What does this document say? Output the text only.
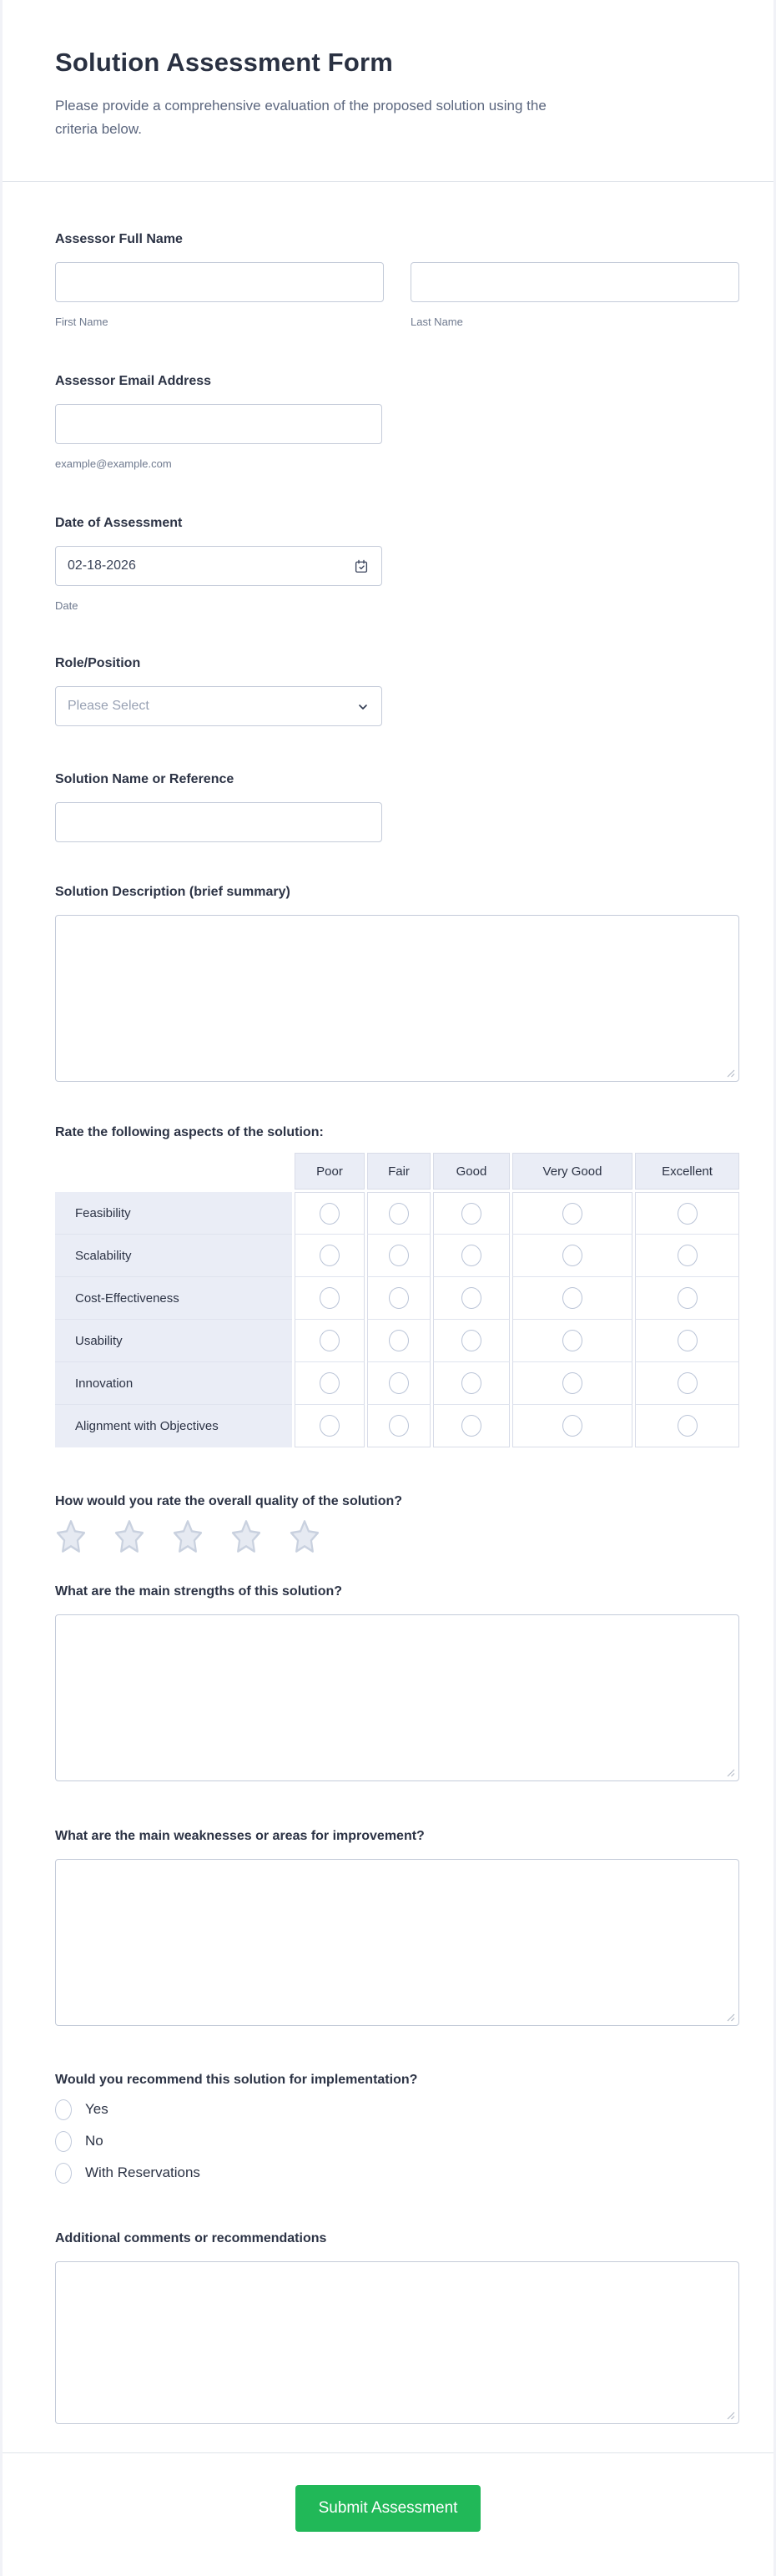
Solution Assessment Form
Please provide a comprehensive evaluation of the proposed solution using the criteria below.
Assessor Full Name
First Name	Last Name
Assessor Email Address
example@example.com
Date of Assessment
02-18-2026
Date
Role/Position
Please Select
Solution Name or Reference
Solution Description (brief summary)
Rate the following aspects of the solution:
Poor	Fair	Good	Very Good	Excellent
Feasibility
Scalability
Cost-Effectiveness
Usability
Innovation
Alignment with Objectives
How would you rate the overall quality of the solution?
What are the main strengths of this solution?
What are the main weaknesses or areas for improvement?
Would you recommend this solution for implementation?
Yes
No
With Reservations
Additional comments or recommendations
Submit Assessment
